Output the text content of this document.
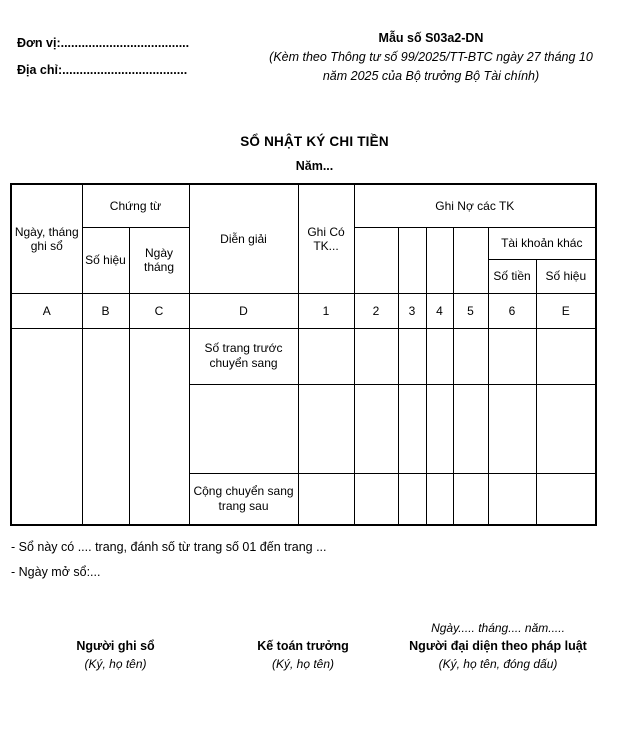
Đơn vị:.....................................
Địa chỉ:....................................
Mẫu số S03a2-DN
(Kèm theo Thông tư số 99/2025/TT-BTC ngày 27 tháng 10
năm 2025 của Bộ trưởng Bộ Tài chính)
SỔ NHẬT KÝ CHI TIỀN
Năm...
Ngày, tháng ghi sổ	Chứng từ		Diễn giải	Ghi Có TK...	Ghi Nợ các TK					
	Số hiệu	Ngày tháng							Tài khoản khác	
									Số tiền	Số hiệu
A	B	C	D	1	2	3	4	5	6	E
			Số trang trước chuyển sang							

			Cộng chuyển sang trang sau							
- Sổ này có .... trang, đánh số từ trang số 01 đến trang ...
- Ngày mở sổ:...
Người ghi sổ
(Ký, họ tên)
Kế toán trưởng
(Ký, họ tên)
Ngày..... tháng.... năm.....
Người đại diện theo pháp luật
(Ký, họ tên, đóng dấu)
